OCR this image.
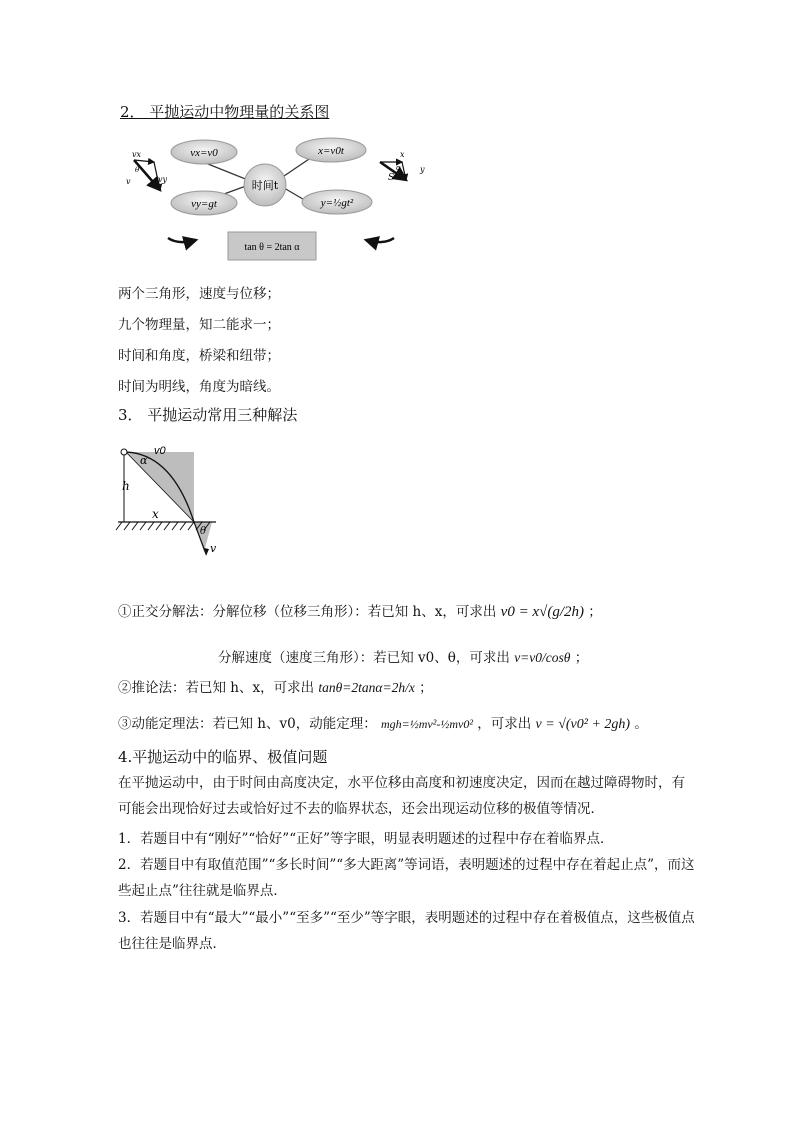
2． 平抛运动中物理量的关系图
vx
θ
v	vy
vx=v0
vy=gt
x=v0t
y=½gt²
时间t
x
α
S
y
tan θ = 2tan α
两个三角形，速度与位移；
九个物理量，知二能求一；
时间和角度，桥梁和纽带；
时间为明线，角度为暗线。
3． 平抛运动常用三种解法
v0
α
h
x
θ
v
①正交分解法：分解位移（位移三角形）：若已知 h、x，可求出 v0 = x√(g/2h) ；
分解速度（速度三角形）：若已知 v0、θ，可求出 v=v0/cosθ ；
②推论法：若已知 h、x，可求出 tanθ=2tanα=2h/x ；
③动能定理法：若已知 h、v0，动能定理： mgh=½mv²-½mv0² ，可求出 v = √(v0² + 2gh) 。
4.平抛运动中的临界、极值问题
在平抛运动中，由于时间由高度决定，水平位移由高度和初速度决定，因而在越过障碍物时，有可能会出现恰好过去或恰好过不去的临界状态，还会出现运动位移的极值等情况．
1．若题目中有“刚好”“恰好”“正好”等字眼，明显表明题述的过程中存在着临界点．
2．若题目中有取值范围”“多长时间”“多大距离”等词语，表明题述的过程中存在着起止点”，而这些起止点”往往就是临界点．
3．若题目中有“最大”“最小”“至多”“至少”等字眼，表明题述的过程中存在着极值点，这些极值点也往往是临界点．
